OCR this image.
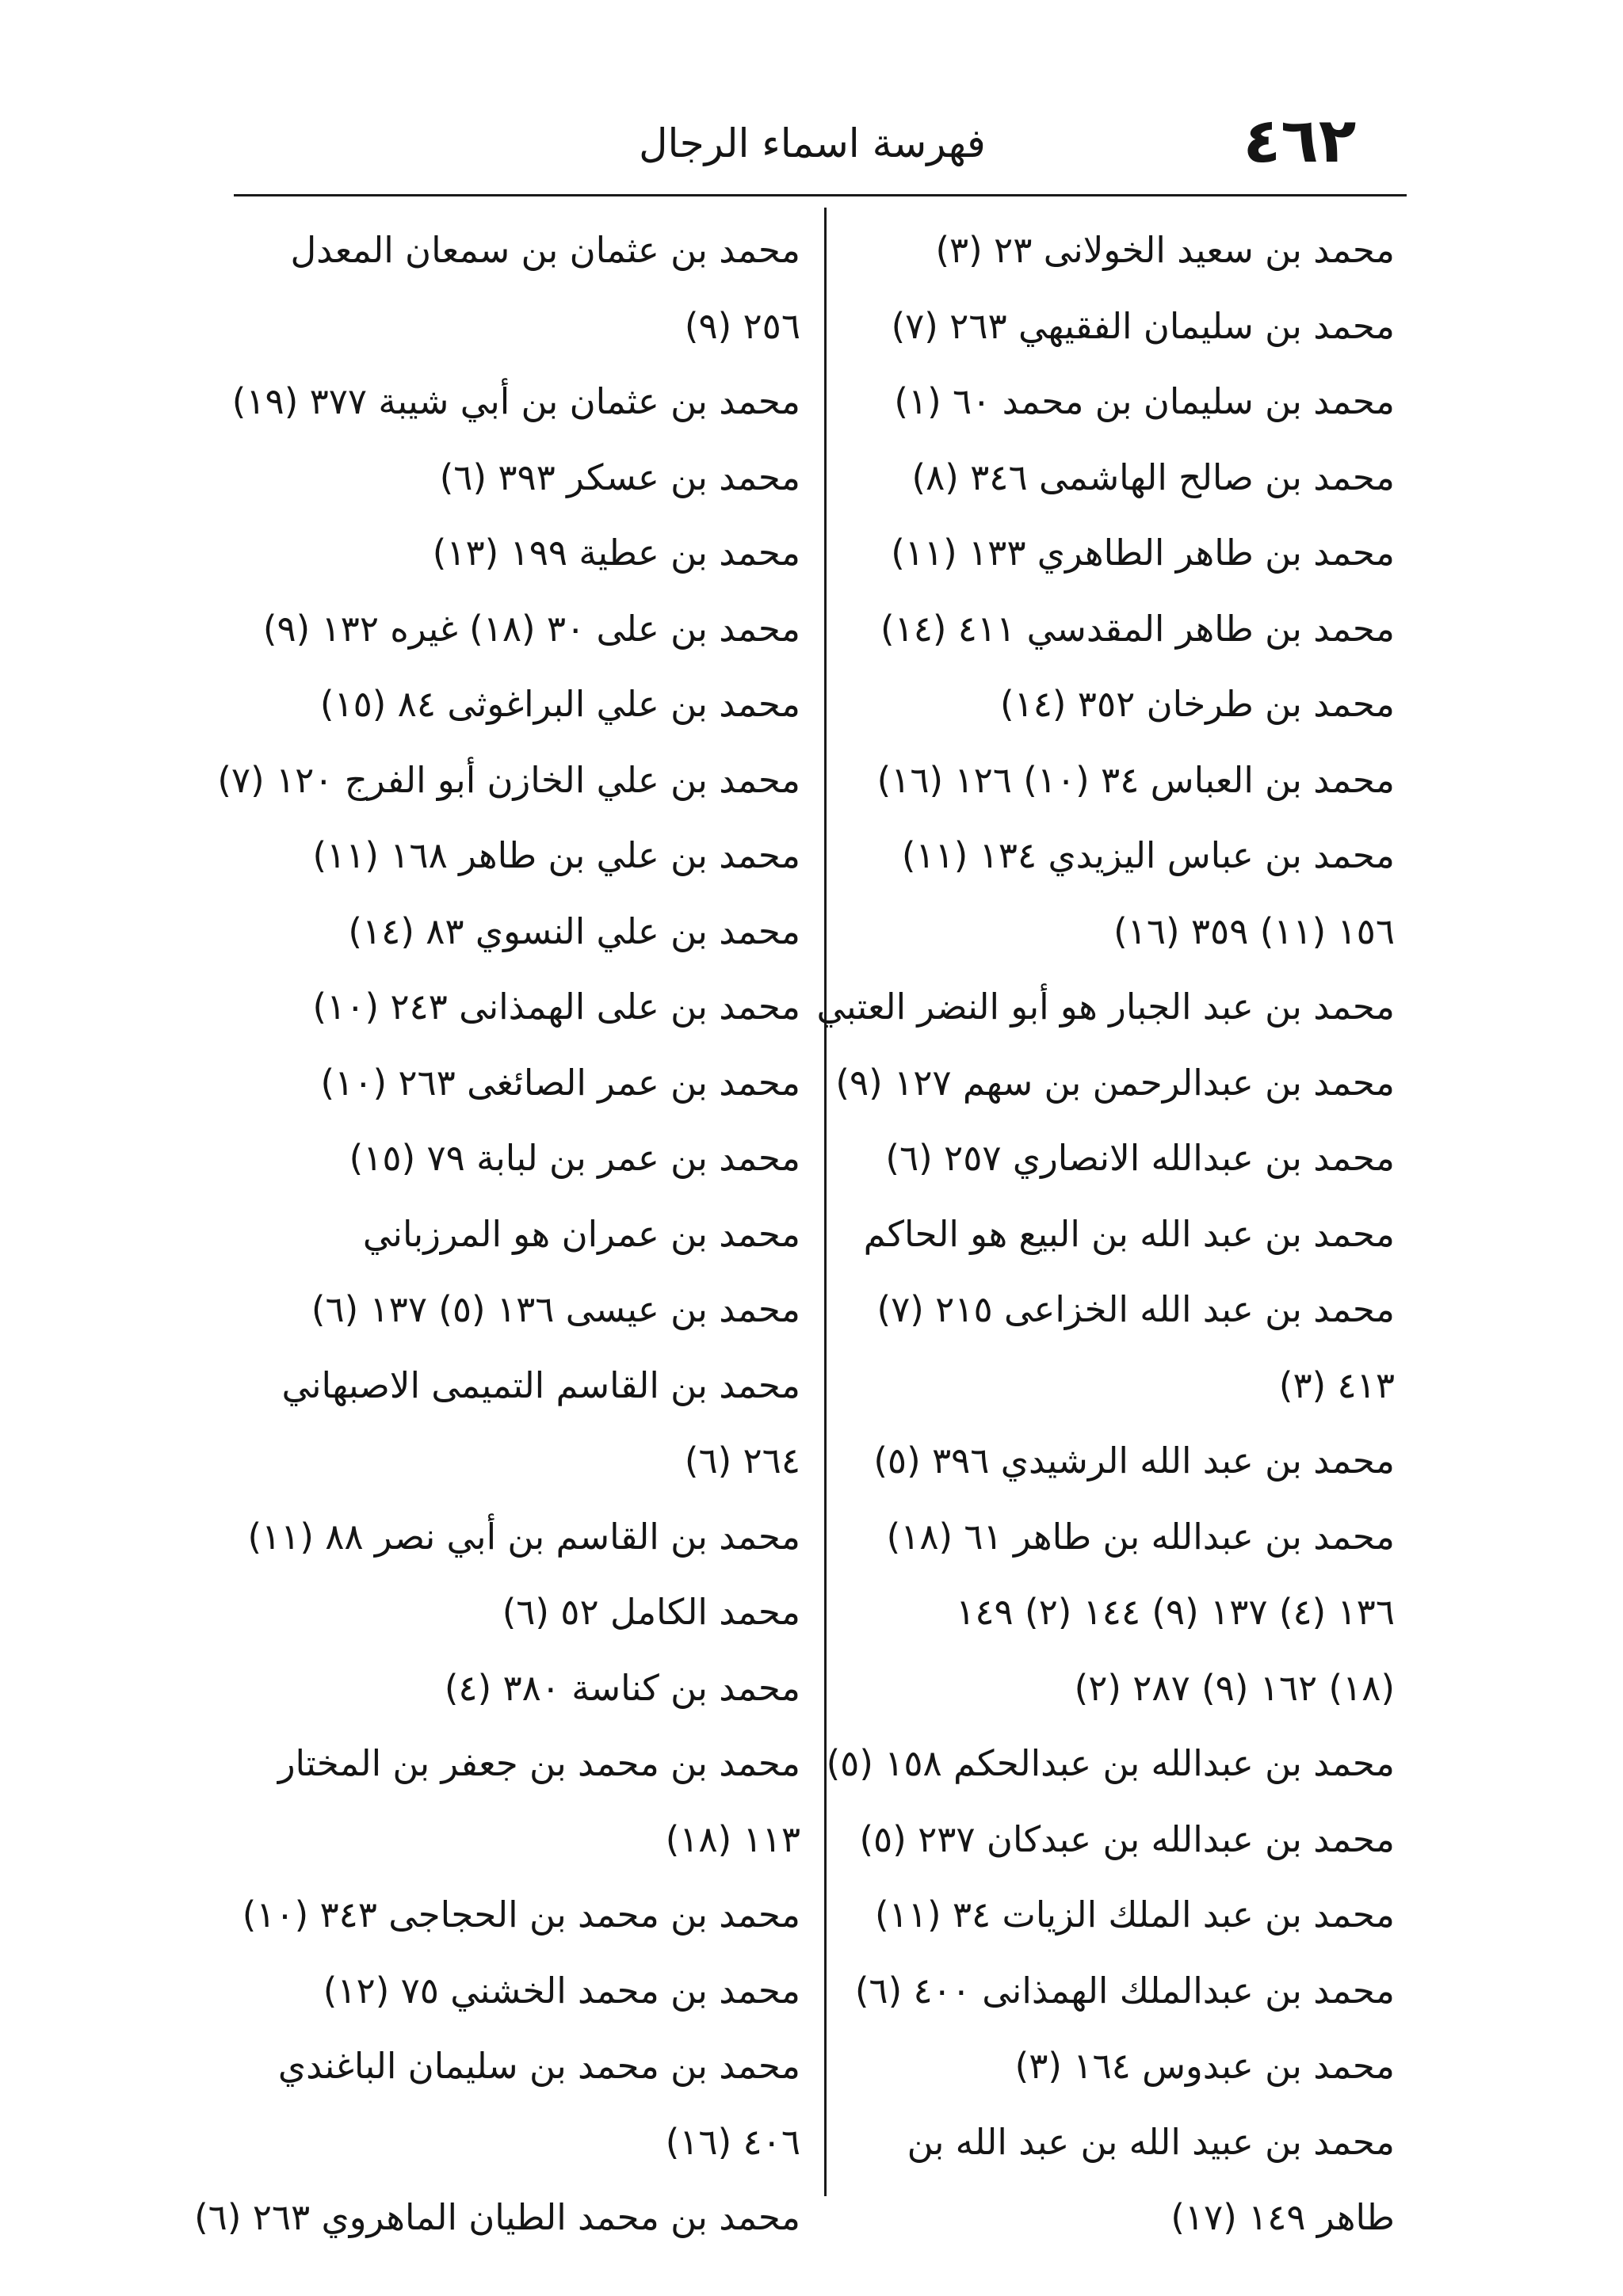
٤٦٢
فهرسة اسماء الرجال
محمد بن سعيد الخولانى ٢٣ (٣)
محمد بن سليمان الفقيهي ٢٦٣ (٧)
محمد بن سليمان بن محمد ٦٠ (١)
محمد بن صالح الهاشمى ٣٤٦ (٨)
محمد بن طاهر الطاهري ١٣٣ (١١)
محمد بن طاهر المقدسي ٤١١ (١٤)
محمد بن طرخان ٣٥٢ (١٤)
محمد بن العباس ٣٤ (١٠) ١٢٦ (١٦)
محمد بن عباس اليزيدي ١٣٤ (١١)
١٥٦ (١١) ٣٥٩ (١٦)
محمد بن عبد الجبار هو أبو النضر العتبي
محمد بن عبدالرحمن بن سهم ١٢٧ (٩)
محمد بن عبدالله الانصاري ٢٥٧ (٦)
محمد بن عبد الله بن البيع هو الحاكم
محمد بن عبد الله الخزاعى ٢١٥ (٧)
٤١٣ (٣)
محمد بن عبد الله الرشيدي ٣٩٦ (٥)
محمد بن عبدالله بن طاهر ٦١ (١٨)
١٣٦ (٤) ١٣٧ (٩) ١٤٤ (٢) ١٤٩
(١٨) ١٦٢ (٩) ٢٨٧ (٢)
محمد بن عبدالله بن عبدالحكم ١٥٨ (٥)
محمد بن عبدالله بن عبدكان ٢٣٧ (٥)
محمد بن عبد الملك الزيات ٣٤ (١١)
محمد بن عبدالملك الهمذانى ٤٠٠ (٦)
محمد بن عبدوس ١٦٤ (٣)
محمد بن عبيد الله بن عبد الله بن
طاهر ١٤٩ (١٧)
محمد بن عثمان بن سمعان المعدل
٢٥٦ (٩)
محمد بن عثمان بن أبي شيبة ٣٧٧ (١٩)
محمد بن عسكر ٣٩٣ (٦)
محمد بن عطية ١٩٩ (١٣)
محمد بن على ٣٠ (١٨) غيره ١٣٢ (٩)
محمد بن علي البراغوثى ٨٤ (١٥)
محمد بن علي الخازن أبو الفرج ١٢٠ (٧)
محمد بن علي بن طاهر ١٦٨ (١١)
محمد بن علي النسوي ٨٣ (١٤)
محمد بن على الهمذانى ٢٤٣ (١٠)
محمد بن عمر الصائغى ٢٦٣ (١٠)
محمد بن عمر بن لبابة ٧٩ (١٥)
محمد بن عمران هو المرزباني
محمد بن عيسى ١٣٦ (٥) ١٣٧ (٦)
محمد بن القاسم التميمى الاصبهاني
٢٦٤ (٦)
محمد بن القاسم بن أبي نصر ٨٨ (١١)
محمد الكامل ٥٢ (٦)
محمد بن كناسة ٣٨٠ (٤)
محمد بن محمد بن جعفر بن المختار
١١٣ (١٨)
محمد بن محمد بن الحجاجى ٣٤٣ (١٠)
محمد بن محمد الخشني ٧٥ (١٢)
محمد بن محمد بن سليمان الباغندي
٤٠٦ (١٦)
محمد بن محمد الطيان الماهروي ٢٦٣ (٦)
